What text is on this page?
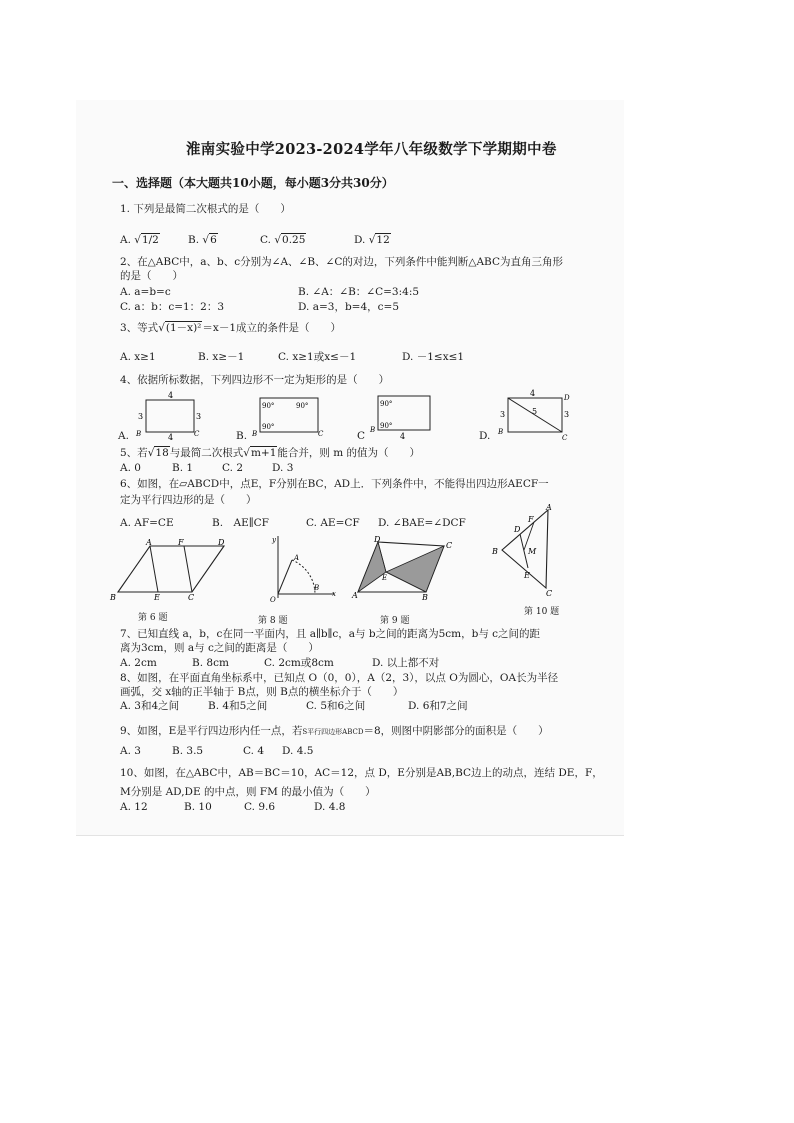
淮南实验中学2023-2024学年八年级数学下学期期中卷
一、选择题（本大题共10小题，每小题3分共30分）
1. 下列是最简二次根式的是（　　）
A. √1/2	B. √6	C. √0.25	D. √12
2、在△ABC中，a、b、c分别为∠A、∠B、∠C的对边，下列条件中能判断△ABC为直角三角形
的是（　　）
A. a=b=c	B. ∠A：∠B：∠C=3:4:5
C. a：b：c=1：2：3	D. a=3，b=4，c=5
3、等式√(1－x)²＝x－1成立的条件是（　　）
A. x≥1	B. x≥－1	C. x≥1或x≤－1	D. －1≤x≤1
4、依据所标数据，下列四边形不一定为矩形的是（　　）
A.	B.	C	D.
4
4
3	3
B	C
90°	90°
90°
B	C
90°
90°
B
4
4
5
3	3
D
B
C
5、若√18与最简二次根式√m+1能合并，则 m 的值为（　　）
A. 0	B. 1	C. 2	D. 3
6、如图，在▱ABCD中，点E，F分别在BC，AD上．下列条件中，不能得出四边形AECF一
定为平行四边形的是（　　）
A. AF=CE	B.　AE∥CF	C. AE=CF D. ∠BAE=∠DCF
A	F	D
B	E	C
第 6 题
y
A
B
x
O
第 8 题
D
C
A	B
E
第 9 题
A
F
D
M
B
E
C
第 10 题
7、已知直线 a，b，c在同一平面内，且 a∥b∥c，a与 b之间的距离为5cm，b与 c之间的距
离为3cm，则 a与 c之间的距离是（　　）
A. 2cm	B. 8cm	C. 2cm或8cm	D. 以上都不对
8、如图，在平面直角坐标系中，已知点 O（0，0），A（2，3），以点 O为圆心，OA长为半径
画弧，交 x轴的正半轴于 B点，则 B点的横坐标介于（　　）
A. 3和4之间	B. 4和5之间	C. 5和6之间	D. 6和7之间
9、如图，E是平行四边形内任一点，若S平行四边形ABCD＝8，则图中阴影部分的面积是（　　）
A. 3	B. 3.5	C. 4 D. 4.5
10、如图，在△ABC中，AB＝BC＝10，AC＝12，点 D，E分别是AB,BC边上的动点，连结 DE，F，
M分别是 AD,DE 的中点，则 FM 的最小值为（　　）
A. 12	B. 10	C. 9.6	D. 4.8
